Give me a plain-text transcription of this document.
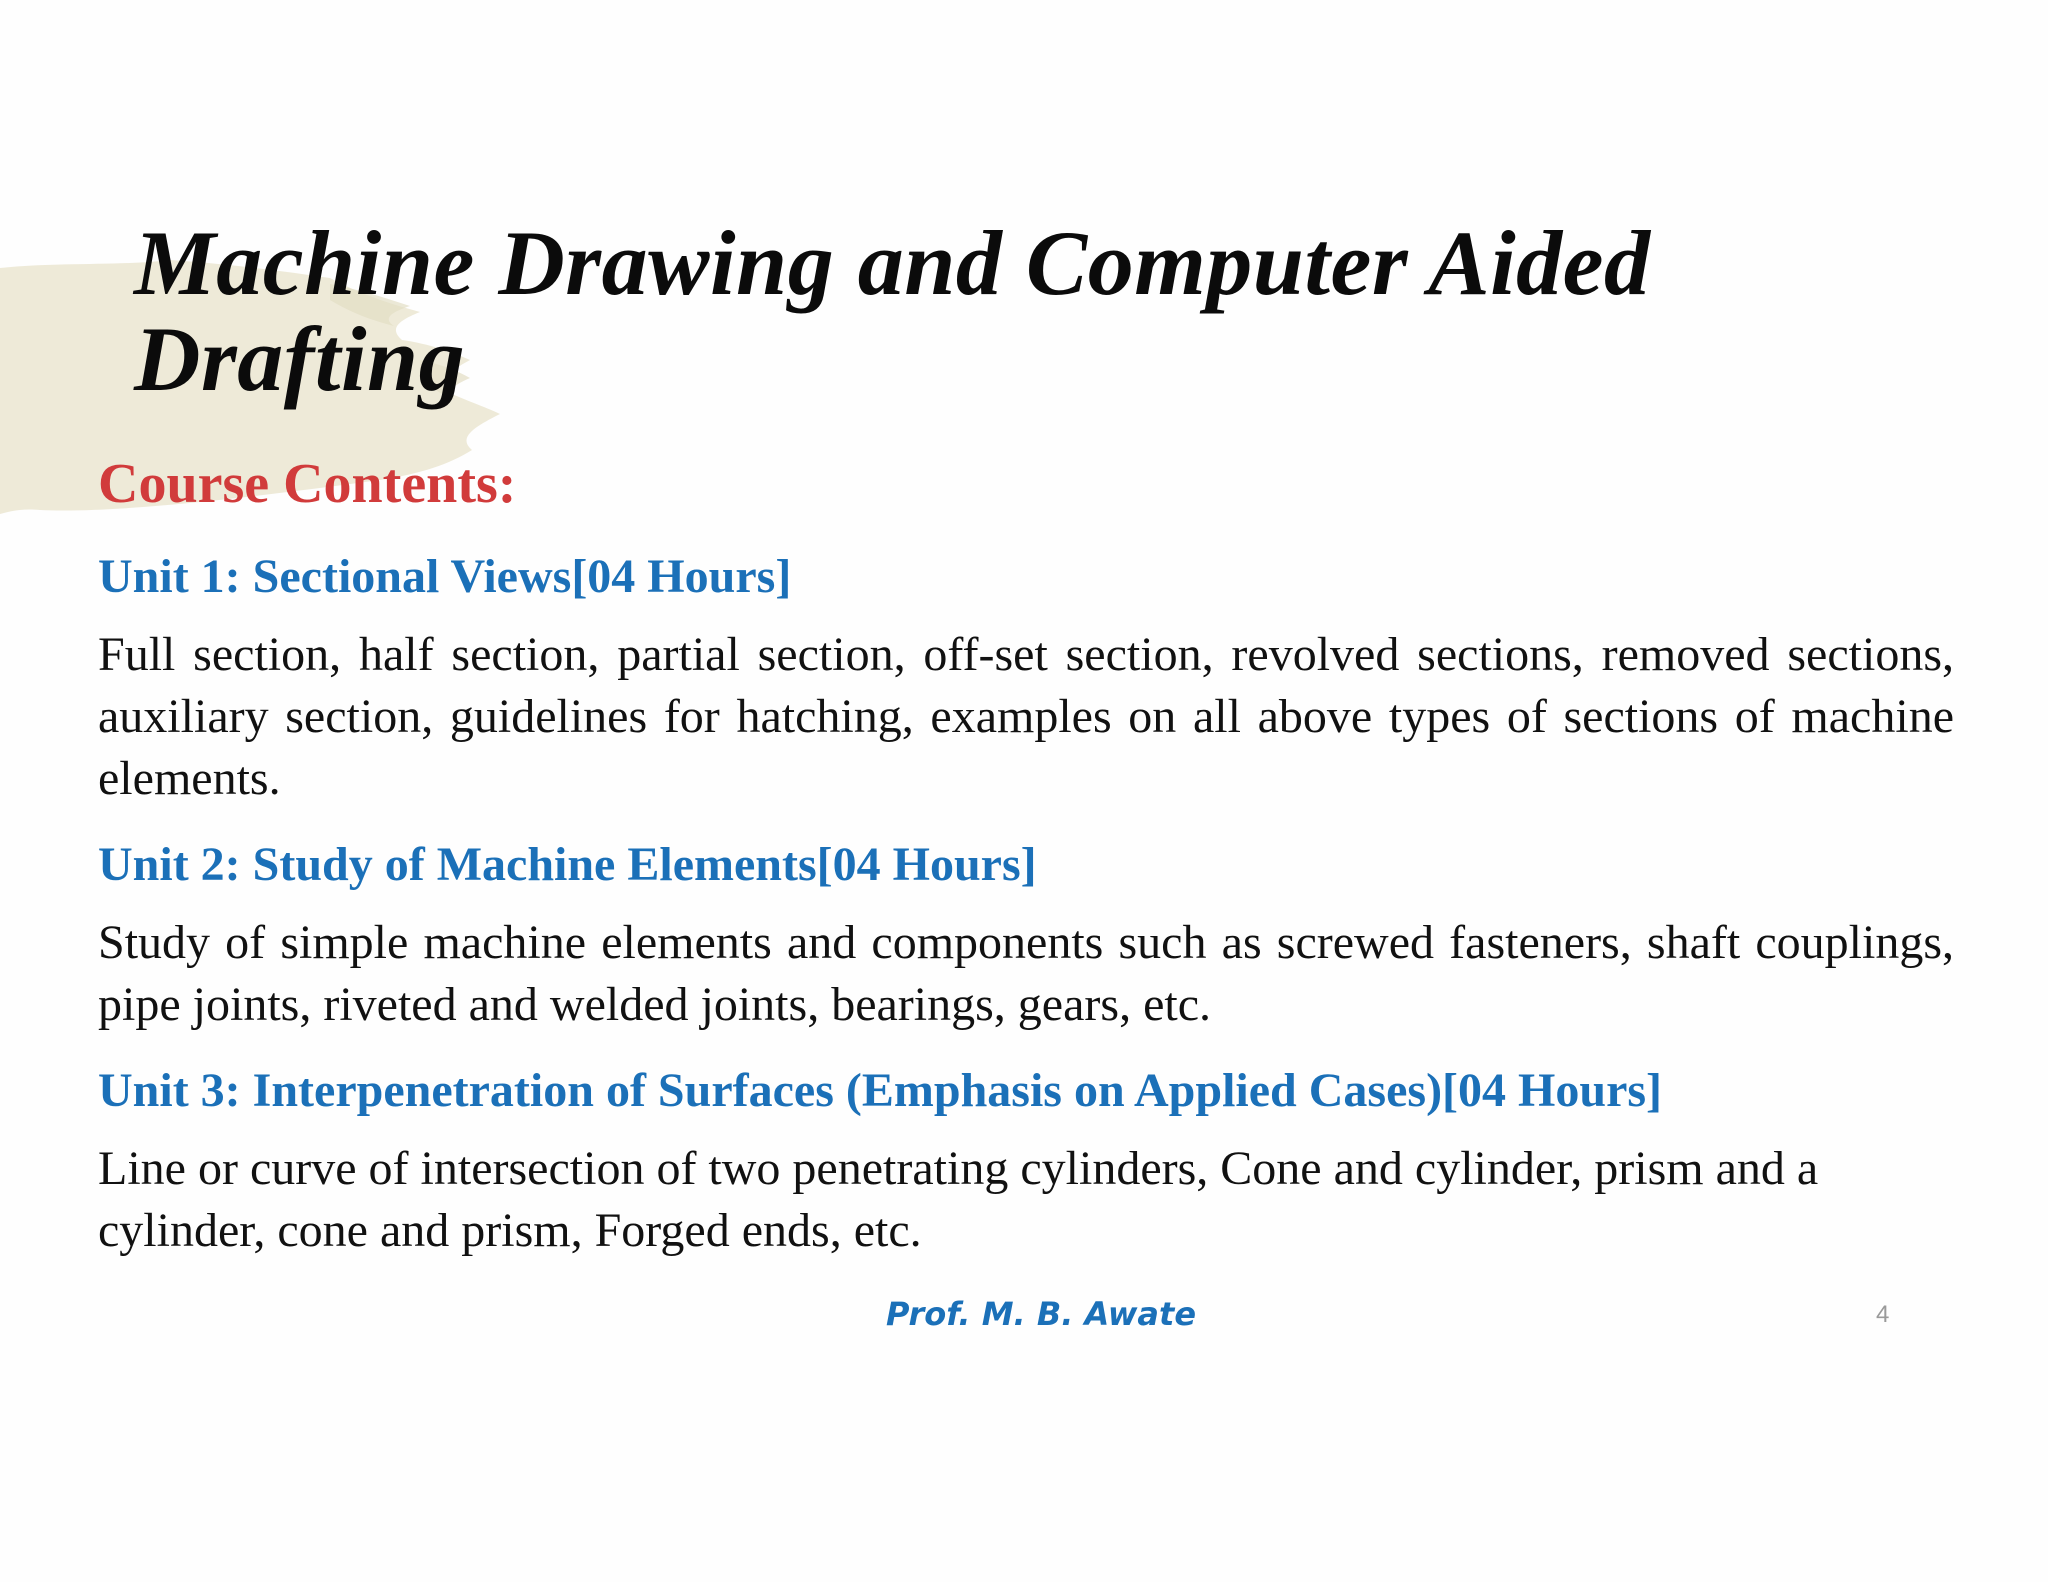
Machine Drawing and Computer Aided
Drafting
Course Contents:
Unit 1: Sectional Views[04 Hours]

Full section, half section, partial section, off-set section, revolved sections, removed sections, auxiliary section, guidelines for hatching, examples on all above types of sections of machine elements.

Unit 2: Study of Machine Elements[04 Hours]

Study of simple machine elements and components such as screwed fasteners, shaft couplings, pipe joints, riveted and welded joints, bearings, gears, etc.

Unit 3: Interpenetration of Surfaces (Emphasis on Applied Cases)[04 Hours]

Line or curve of intersection of two penetrating cylinders, Cone and cylinder, prism and a cylinder, cone and prism, Forged ends, etc.

Prof. M. B. Awate	4
